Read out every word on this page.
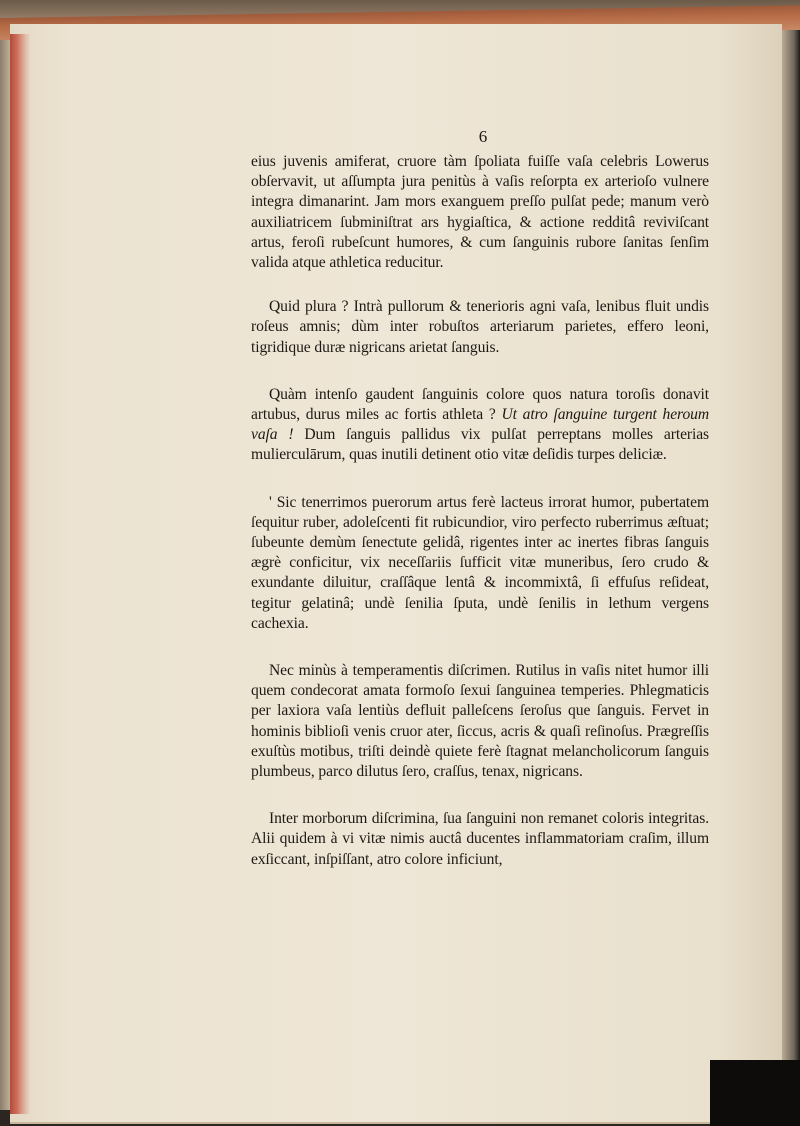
6

eius juvenis amiferat, cruore tàm ſpoliata fuiſſe vaſa celebris Lowerus obſervavit, ut aſſumpta jura penitùs à vaſis reſorpta ex arterioſo vulnere integra dimanarint. Jam mors exanguem preſſo pulſat pede; manum verò auxiliatricem ſubminiſtrat ars hygiaſtica, & actione redditâ reviviſcant artus, feroſi rubeſcunt humores, & cum ſanguinis rubore ſanitas ſenſim valida atque athletica reducitur.

Quid plura ? Intrà pullorum & tenerioris agni vaſa, lenibus fluit undis roſeus amnis; dùm inter robuſtos arteriarum parietes, effero leoni, tigridique duræ nigricans arietat ſanguis.

Quàm intenſo gaudent ſanguinis colore quos natura toroſis donavit artubus, durus miles ac fortis athleta ? Ut atro ſanguine turgent heroum vaſa ! Dum ſanguis pallidus vix pulſat perreptans molles arterias mulierculārum, quas inutili detinent otio vitæ deſidis turpes deliciæ.

' Sic tenerrimos puerorum artus ferè lacteus irrorat humor, pubertatem ſequitur ruber, adoleſcenti fit rubicundior, viro perfecto ruberrimus æſtuat; ſubeunte demùm ſenectute gelidâ, rigentes inter ac inertes fibras ſanguis ægrè conficitur, vix neceſſariis ſufficit vitæ muneribus, ſero crudo & exundante diluitur, craſſâque lentâ & incommixtâ, ſi effuſus reſideat, tegitur gelatinâ; undè ſenilia ſputa, undè ſenilis in lethum vergens cachexia.

Nec minùs à temperamentis diſcrimen. Rutilus in vaſis nitet humor illi quem condecorat amata formoſo ſexui ſanguinea temperies. Phlegmaticis per laxiora vaſa lentiùs defluit palleſcens ſeroſus que ſanguis. Fervet in hominis biblioſi venis cruor ater, ſiccus, acris & quaſi reſinoſus. Prægreſſis exuſtùs motibus, triſti deindè quiete ferè ſtagnat melancholicorum ſanguis plumbeus, parco dilutus ſero, craſſus, tenax, nigricans.

Inter morborum diſcrimina, ſua ſanguini non remanet coloris integritas. Alii quidem à vi vitæ nimis auctâ ducentes inflammatoriam craſim, illum exſiccant, inſpiſſant, atro colore inficiunt,
